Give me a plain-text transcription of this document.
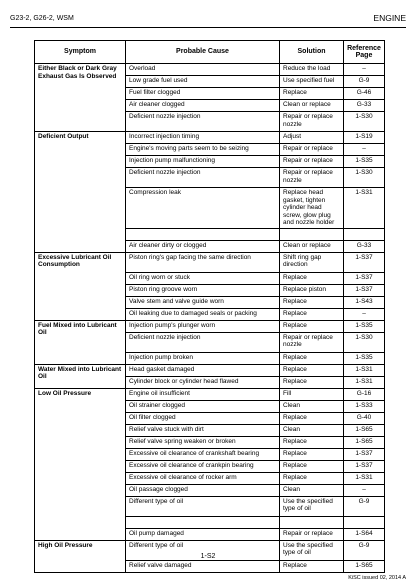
G23-2, G26-2, WSM	ENGINE
Symptom	Probable Cause	Solution	Reference Page
Either Black or Dark Gray Exhaust Gas Is Observed	Overload	Reduce the load	–
	Low grade fuel used	Use specified fuel	G-9
	Fuel filter clogged	Replace	G-46
	Air cleaner clogged	Clean or replace	G-33
	Deficient nozzle injection	Repair or replace nozzle	1-S30
Deficient Output	Incorrect injection timing	Adjust	1-S19
	Engine's moving parts seem to be seizing	Repair or replace	–
	Injection pump malfunctioning	Repair or replace	1-S35
	Deficient nozzle injection	Repair or replace nozzle	1-S30
	Compression leak	Replace head gasket, tighten cylinder head screw, glow plug and nozzle holder	1-S31

	Air cleaner dirty or clogged	Clean or replace	G-33
Excessive Lubricant Oil Consumption	Piston ring's gap facing the same direction	Shift ring gap direction	1-S37
	Oil ring worn or stuck	Replace	1-S37
	Piston ring groove worn	Replace piston	1-S37
	Valve stem and valve guide worn	Replace	1-S43
	Oil leaking due to damaged seals or packing	Replace	–
Fuel Mixed into Lubricant Oil	Injection pump's plunger worn	Replace	1-S35
	Deficient nozzle injection	Repair or replace nozzle	1-S30
	Injection pump broken	Replace	1-S35
Water Mixed into Lubricant Oil	Head gasket damaged	Replace	1-S31
	Cylinder block or cylinder head flawed	Replace	1-S31
Low Oil Pressure	Engine oil insufficient	Fill	G-16
	Oil strainer clogged	Clean	1-S33
	Oil filter clogged	Replace	G-40
	Relief valve stuck with dirt	Clean	1-S65
	Relief valve spring weaken or broken	Replace	1-S65
	Excessive oil clearance of crankshaft bearing	Replace	1-S37
	Excessive oil clearance of crankpin bearing	Replace	1-S37
	Excessive oil clearance of rocker arm	Replace	1-S31
	Oil passage clogged	Clean	–
	Different type of oil	Use the specified type of oil	G-9

	Oil pump damaged	Repair or replace	1-S64
High Oil Pressure	Different type of oil	Use the specified type of oil	G-9
	Relief valve damaged	Replace	1-S65
1-S2
KiSC issued 02, 2014 A
